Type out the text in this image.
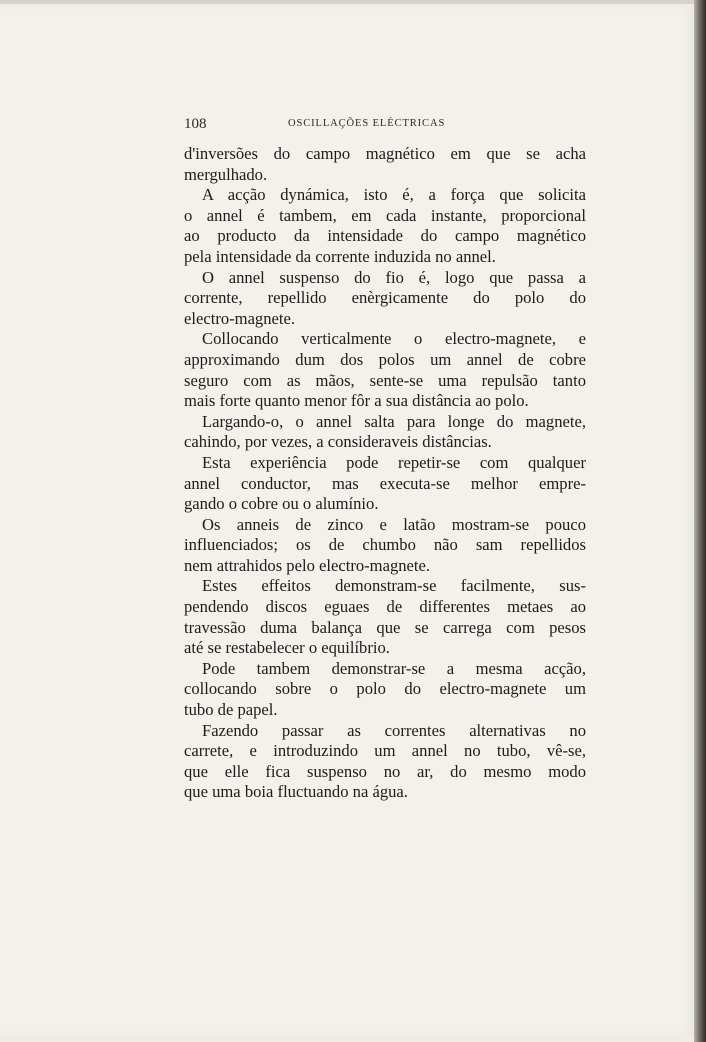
108	OSCILLAÇÕES ELÉCTRICAS
d'inversões do campo magnético em que se acha
mergulhado.
A acção dynámica, isto é, a força que solicita
o annel é tambem, em cada instante, proporcional
ao producto da intensidade do campo magnético
pela intensidade da corrente induzida no annel.
O annel suspenso do fio é, logo que passa a
corrente, repellido enèrgicamente do polo do
electro-magnete.
Collocando verticalmente o electro-magnete, e
approximando dum dos polos um annel de cobre
seguro com as mãos, sente-se uma repulsão tanto
mais forte quanto menor fôr a sua distância ao polo.
Largando-o, o annel salta para longe do magnete,
cahindo, por vezes, a consideraveis distâncias.
Esta experiência pode repetir-se com qualquer
annel conductor, mas executa-se melhor empre-
gando o cobre ou o alumínio.
Os anneis de zinco e latão mostram-se pouco
influenciados; os de chumbo não sam repellidos
nem attrahidos pelo electro-magnete.
Estes effeitos demonstram-se facilmente, sus-
pendendo discos eguaes de differentes metaes ao
travessão duma balança que se carrega com pesos
até se restabelecer o equilíbrio.
Pode tambem demonstrar-se a mesma acção,
collocando sobre o polo do electro-magnete um
tubo de papel.
Fazendo passar as correntes alternativas no
carrete, e introduzindo um annel no tubo, vê-se,
que elle fica suspenso no ar, do mesmo modo
que uma boia fluctuando na água.
